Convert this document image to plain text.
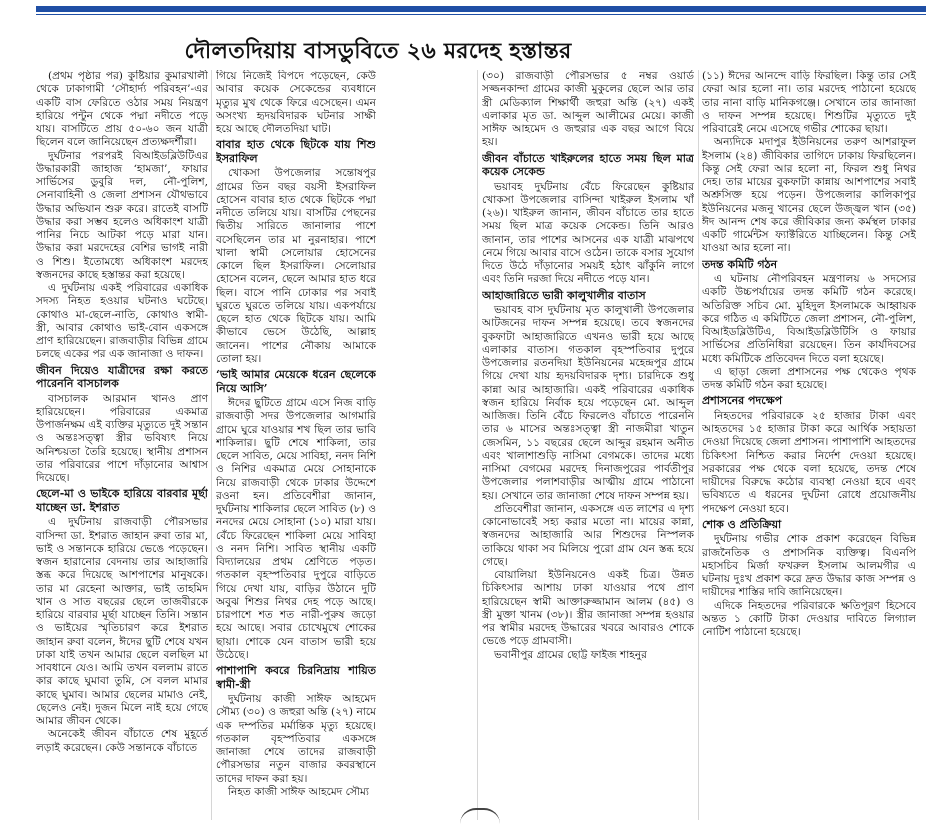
দৌলতদিয়ায় বাসডুবিতে ২৬ মরদেহ হস্তান্তর

(প্রথম পৃষ্ঠার পর) কুষ্টিয়ার কুমারখালী থেকে ঢাকাগামী ‘সৌহার্দ্য পরিবহন’-এর একটি বাস ফেরিতে ওঠার সময় নিয়ন্ত্রণ হারিয়ে পন্টুন থেকে পদ্মা নদীতে পড়ে যায়। বাসটিতে প্রায় ৫০-৬০ জন যাত্রী ছিলেন বলে জানিয়েছেন প্রত্যক্ষদর্শীরা।

দুর্ঘটনার পরপরই বিআইডব্লিউটিএর উদ্ধারকারী জাহাজ ‘হামজা’, ফায়ার সার্ভিসের ডুবুরি দল, নৌ-পুলিশ, সেনাবাহিনী ও জেলা প্রশাসন যৌথভাবে উদ্ধার অভিযান শুরু করে। রাতেই বাসটি উদ্ধার করা সম্ভব হলেও অধিকাংশ যাত্রী পানির নিচে আটকা পড়ে মারা যান। উদ্ধার করা মরদেহের বেশির ভাগই নারী ও শিশু। ইতোমধ্যে অধিকাংশ মরদেহ স্বজনদের কাছে হস্তান্তর করা হয়েছে।

এ দুর্ঘটনায় একই পরিবারের একাধিক সদস্য নিহত হওয়ার ঘটনাও ঘটেছে। কোথাও মা-ছেলে-নাতি, কোথাও স্বামী-স্ত্রী, আবার কোথাও ভাই-বোন একসঙ্গে প্রাণ হারিয়েছেন। রাজবাড়ীর বিভিন্ন গ্রামে চলছে একের পর এক জানাজা ও দাফন।

জীবন দিয়েও যাত্রীদের রক্ষা করতে পারেননি বাসচালক

বাসচালক আরমান খানও প্রাণ হারিয়েছেন। পরিবারের একমাত্র উপার্জনক্ষম এই ব্যক্তির মৃত্যুতে দুই সন্তান ও অন্তঃসত্ত্বা স্ত্রীর ভবিষ্যৎ নিয়ে অনিশ্চয়তা তৈরি হয়েছে। স্থানীয় প্রশাসন তার পরিবারের পাশে দাঁড়ানোর আশ্বাস দিয়েছে।

ছেলে-মা ও ভাইকে হারিয়ে বারবার মূর্ছা যাচ্ছেন ডা. ইশরাত

এ দুর্ঘটনায় রাজবাড়ী পৌরসভার বাসিন্দা ডা. ইশরাত জাহান রুবা তার মা, ভাই ও সন্তানকে হারিয়ে ভেঙে পড়েছেন। স্বজন হারানোর বেদনায় তার আহাজারি স্তব্ধ করে দিয়েছে আশপাশের মানুষকে। তার মা রেহেনা আক্তার, ভাই তাহমিদ খান ও সাত বছরের ছেলে তাজবীরকে হারিয়ে বারবার মূর্ছা যাচ্ছেন তিনি। সন্তান ও ভাইয়ের স্মৃতিচারণ করে ইশরাত জাহান রুবা বলেন, ঈদের ছুটি শেষে যখন ঢাকা যাই তখন আমার ছেলে বলছিল মা সাবধানে যেও। আমি তখন বললাম রাতে কার কাছে ঘুমাবা তুমি, সে বলল মামার কাছে ঘুমাব। আমার ছেলের মামাও নেই, ছেলেও নেই। দুজন মিলে নাই হয়ে গেছে আমার জীবন থেকে।

অনেকেই জীবন বাঁচাতে শেষ মুহূর্তে লড়াই করেছেন। কেউ সন্তানকে বাঁচাতে

গিয়ে নিজেই বিপদে পড়েছেন, কেউ আবার কয়েক সেকেন্ডের ব্যবধানে মৃত্যুর মুখ থেকে ফিরে এসেছেন। এমন অসংখ্য হৃদয়বিদারক ঘটনার সাক্ষী হয়ে আছে দৌলতদিয়া ঘাট।

বাবার হাত থেকে ছিটকে যায় শিশু ইসরাফিল

খোকসা উপজেলার সন্তোষপুর গ্রামের তিন বছর বয়সী ইসরাফিল হোসেন বাবার হাত থেকে ছিটকে পদ্মা নদীতে তলিয়ে যায়। বাসটির পেছনের দ্বিতীয় সারিতে জানালার পাশে বসেছিলেন তার মা নুরনাহার। পাশে খালা স্বামী সেলোয়ার হোসেনের কোলে ছিল ইসরাফিল। সেলোয়ার হোসেন বলেন, ছেলে আমার হাত ধরে ছিল। বাসে পানি ঢোকার পর সবাই ঘুরতে ঘুরতে তলিয়ে যায়। একপর্যায়ে ছেলে হাত থেকে ছিটকে যায়। আমি কীভাবে ভেসে উঠেছি, আল্লাহ জানেন। পাশের নৌকায় আমাকে তোলা হয়।

‘ভাই আমার মেয়েকে ধরেন ছেলেকে নিয়ে আসি’

ঈদের ছুটিতে গ্রামে এসে নিজ বাড়ি রাজবাড়ী সদর উপজেলার আগমারি গ্রামে ঘুরে যাওয়ার শখ ছিল তার ভাবি শাকিলার। ছুটি শেষে শাকিলা, তার ছেলে সাবিত, মেয়ে সাবিহা, ননদ নিশি ও নিশির একমাত্র মেয়ে সোহানাকে নিয়ে রাজবাড়ী থেকে ঢাকার উদ্দেশে রওনা হন। প্রতিবেশীরা জানান, দুর্ঘটনায় শাকিলার ছেলে সাবিত (৮) ও ননদের মেয়ে সোহানা (১০) মারা যায়। বেঁচে ফিরেছেন শাকিলা মেয়ে সাবিহা ও ননদ নিশি। সাবিত স্থানীয় একটি বিদ্যালয়ের প্রথম শ্রেণিতে পড়ত। গতকাল বৃহস্পতিবার দুপুরে বাড়িতে গিয়ে দেখা যায়, বাড়ির উঠানে দুটি অবুঝ শিশুর নিথর দেহ পড়ে আছে। চারপাশে শত শত নারী-পুরুষ জড়ো হয়ে আছে। সবার চোখেমুখে শোকের ছায়া। শোকে যেন বাতাস ভারী হয়ে উঠেছে।

পাশাপাশি কবরে চিরনিদ্রায় শায়িত স্বামী-স্ত্রী

দুর্ঘটনায় কাজী সাঈফ আহমেদ সৌম্য (৩০) ও জহুরা অন্তি (২৭) নামে এক দম্পতির মর্মান্তিক মৃত্যু হয়েছে। গতকাল বৃহস্পতিবার একসঙ্গে জানাজা শেষে তাদের রাজবাড়ী পৌরসভার নতুন বাজার কবরস্থানে তাদের দাফন করা হয়।

নিহত কাজী সাঈফ আহমেদ সৌম্য

(৩০) রাজবাড়ী পৌরসভার ৫ নম্বর ওয়ার্ড সজ্জনকান্দা গ্রামের কাজী মুকুলের ছেলে আর তার স্ত্রী মেডিক্যাল শিক্ষার্থী জহুরা অন্তি (২৭) একই এলাকার মৃত ডা. আব্দুল আলীমের মেয়ে। কাজী সাঈফ আহমেদ ও জহুরার এক বছর আগে বিয়ে হয়।

জীবন বাঁচাতে খাইরুলের হাতে সময় ছিল মাত্র কয়েক সেকেন্ড

ভয়াবহ দুর্ঘটনায় বেঁচে ফিরেছেন কুষ্টিয়ার খোকসা উপজেলার বাসিন্দা খাইরুল ইসলাম খাঁ (২৬)। খাইরুল জানান, জীবন বাঁচাতে তার হাতে সময় ছিল মাত্র কয়েক সেকেন্ড। তিনি আরও জানান, তার পাশের আসনের এক যাত্রী মাঝপথে নেমে গিয়ে আবার বাসে ওঠেন। তাকে বসার সুযোগ দিতে উঠে দাঁড়ানোর সময়ই হঠাৎ ঝাঁকুনি লাগে এবং তিনি দরজা দিয়ে নদীতে পড়ে যান।

আহাজারিতে ভারী কালুখালীর বাতাস

ভয়াবহ বাস দুর্ঘটনায় মৃত কালুখালী উপজেলার আটজনের দাফন সম্পন্ন হয়েছে। তবে স্বজনদের বুকফাটা আহাজারিতে এখনও ভারী হয়ে আছে এলাকার বাতাস। গতকাল বৃহস্পতিবার দুপুরে উপজেলার রতনদিয়া ইউনিয়নের মহেন্দ্রপুর গ্রামে গিয়ে দেখা যায় হৃদয়বিদারক দৃশ্য। চারদিকে শুধু কান্না আর আহাজারি। একই পরিবারের একাধিক স্বজন হারিয়ে নির্বাক হয়ে পড়েছেন মো. আব্দুল আজিজ। তিনি বেঁচে ফিরলেও বাঁচাতে পারেননি তার ৬ মাসের অন্তঃসত্ত্বা স্ত্রী নাজমীরা খাতুন জেসমিন, ১১ বছরের ছেলে আব্দুর রহমান অনীত এবং খালাশাশুড়ি নাসিমা বেগমকে। তাদের মধ্যে নাসিমা বেগমের মরদেহ দিনাজপুরের পার্বতীপুর উপজেলার পলাশবাড়ীর আত্মীয় গ্রামে পাঠানো হয়। সেখানে তার জানাজা শেষে দাফন সম্পন্ন হয়।

প্রতিবেশীরা জানান, একসঙ্গে এত লাশের এ দৃশ্য কোনোভাবেই সহ্য করার মতো না। মায়ের কান্না, স্বজনদের আহাজারি আর শিশুদের নিস্পলক তাকিয়ে থাকা সব মিলিয়ে পুরো গ্রাম যেন স্তব্ধ হয়ে গেছে।

বোয়ালিয়া ইউনিয়নেও একই চিত্র। উন্নত চিকিৎসার আশায় ঢাকা যাওয়ার পথে প্রাণ হারিয়েছেন স্বামী আক্তারুজ্জামান আলম (৪৫) ও স্ত্রী মুক্তা খানম (৩৮)। স্ত্রীর জানাজা সম্পন্ন হওয়ার পর স্বামীর মরদেহ উদ্ধারের খবরে আবারও শোকে ভেঙে পড়ে গ্রামবাসী।

ভবানীপুর গ্রামের ছোট্ট ফাইজ শাহনুর

(১১) ঈদের আনন্দে বাড়ি ফিরছিল। কিন্তু তার সেই ফেরা আর হলো না। তার মরদেহ পাঠানো হয়েছে তার নানা বাড়ি মানিকগঞ্জে। সেখানে তার জানাজা ও দাফন সম্পন্ন হয়েছে। শিশুটির মৃত্যুতে দুই পরিবারেই নেমে এসেছে গভীর শোকের ছায়া।

অন্যদিকে মদাপুর ইউনিয়নের তরুণ আশরাফুল ইসলাম (২৪) জীবিকার তাগিদে ঢাকায় ফিরছিলেন। কিন্তু সেই ফেরা আর হলো না, ফিরল শুধু নিথর দেহ। তার মায়ের বুকফাটা কান্নায় আশপাশের সবাই অশ্রুসিক্ত হয়ে পড়েন। উপজেলার কালিকাপুর ইউনিয়নের মজনু খানের ছেলে উজ্জ্বল খান (৩৫) ঈদ আনন্দ শেষ করে জীবিকার জন্য কর্মস্থল ঢাকার একটি গার্মেন্টস ফ্যাক্টরিতে যাচ্ছিলেন। কিন্তু সেই যাওয়া আর হলো না।

তদন্ত কমিটি গঠন

এ ঘটনায় নৌপরিবহন মন্ত্রণালয় ৬ সদস্যের একটি উচ্চপর্যায়ের তদন্ত কমিটি গঠন করেছে। অতিরিক্ত সচিব মো. মুহিদুল ইসলামকে আহ্বায়ক করে গঠিত এ কমিটিতে জেলা প্রশাসন, নৌ-পুলিশ, বিআইডব্লিউটিএ, বিআইডব্লিউটিসি ও ফায়ার সার্ভিসের প্রতিনিধিরা রয়েছেন। তিন কার্যদিবসের মধ্যে কমিটিকে প্রতিবেদন দিতে বলা হয়েছে।

এ ছাড়া জেলা প্রশাসনের পক্ষ থেকেও পৃথক তদন্ত কমিটি গঠন করা হয়েছে।

প্রশাসনের পদক্ষেপ

নিহতদের পরিবারকে ২৫ হাজার টাকা এবং আহতদের ১৫ হাজার টাকা করে আর্থিক সহায়তা দেওয়া দিয়েছে জেলা প্রশাসন। পাশাপাশি আহতদের চিকিৎসা নিশ্চিত করার নির্দেশ দেওয়া হয়েছে। সরকারের পক্ষ থেকে বলা হয়েছে, তদন্ত শেষে দায়ীদের বিরুদ্ধে কঠোর ব্যবস্থা নেওয়া হবে এবং ভবিষ্যতে এ ধরনের দুর্ঘটনা রোধে প্রয়োজনীয় পদক্ষেপ নেওয়া হবে।

শোক ও প্রতিক্রিয়া

দুর্ঘটনায় গভীর শোক প্রকাশ করেছেন বিভিন্ন রাজনৈতিক ও প্রশাসনিক ব্যক্তিত্ব। বিএনপি মহাসচিব মির্জা ফখরুল ইসলাম আলমগীর এ ঘটনায় দুঃখ প্রকাশ করে দ্রুত উদ্ধার কাজ সম্পন্ন ও দায়ীদের শাস্তির দাবি জানিয়েছেন।

এদিকে নিহতদের পরিবারকে ক্ষতিপূরণ হিসেবে অন্তত ১ কোটি টাকা দেওয়ার দাবিতে লিগ্যাল নোটিশ পাঠানো হয়েছে।
